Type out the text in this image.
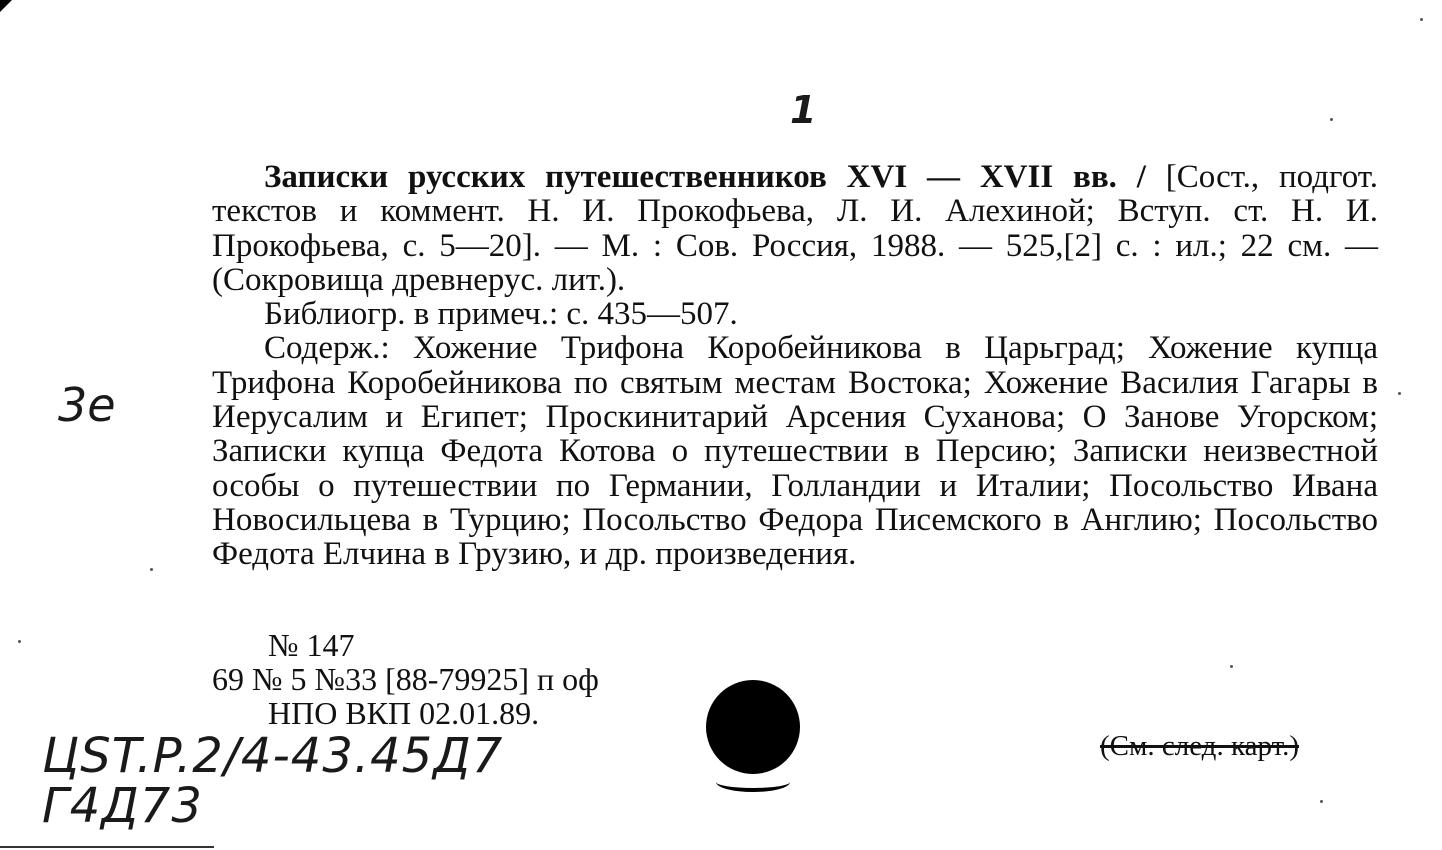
1
3e

Записки русских путешественников XVI — XVII вв. / [Сост., подгот. текстов и коммент. Н. И. Прокофьева, Л. И. Алехиной; Вступ. ст. Н. И. Прокофьева, с. 5—20]. — М. : Сов. Россия, 1988. — 525,[2] с. : ил.; 22 см. — (Сокровища древнерус. лит.).

Библиогр. в примеч.: с. 435—507.

Содерж.: Хожение Трифона Коробейникова в Царьград; Хожение купца Трифона Коробейникова по святым местам Востока; Хожение Василия Гагары в Иерусалим и Египет; Проскинитарий Арсения Суханова; О Занове Угорском; Записки купца Федота Котова о путешествии в Персию; Записки неизвестной особы о путешествии по Германии, Голландии и Италии; Посольство Ивана Новосильцева в Турцию; Посольство Федора Писемского в Англию; Посольство Федота Елчина в Грузию, и др. произведения.

№ 147
69 № 5 №33 [88-79925] п оф
НПО ВКП 02.01.89.
(См. след. карт.)
ЦST.P.2/4-43.45Д7
Г4Д73
